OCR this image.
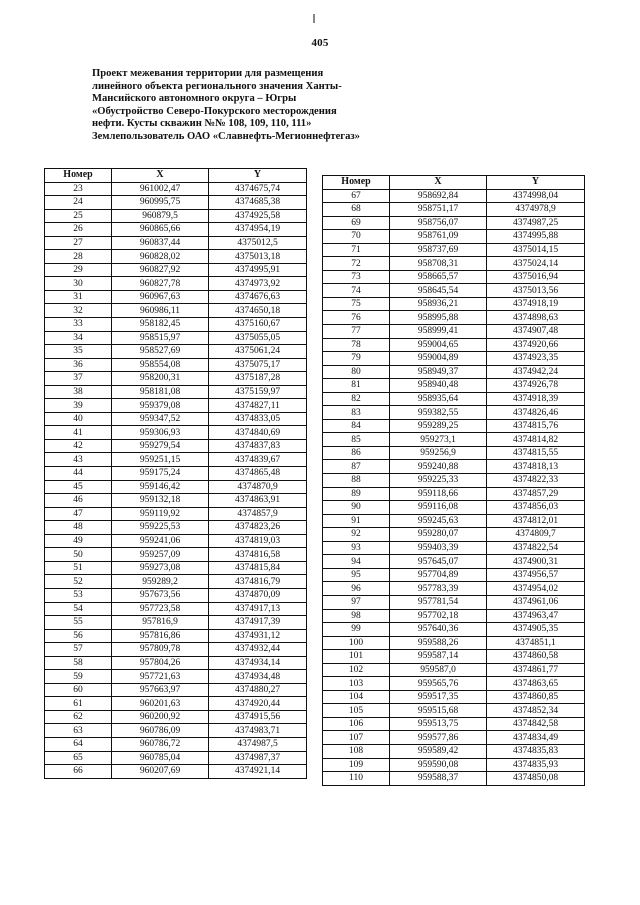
405
Проект межевания территории для размещения
линейного объекта регионального значения Ханты-
Мансийского автономного округа – Югры
«Обустройство Северо-Покурского месторождения
нефти. Кусты скважин №№ 108, 109, 110, 111»
Землепользователь ОАО «Славнефть-Мегионнефтегаз»
Номер	X	Y
23	961002,47	4374675,74
24	960995,75	4374685,38
25	960879,5	4374925,58
26	960865,66	4374954,19
27	960837,44	4375012,5
28	960828,02	4375013,18
29	960827,92	4374995,91
30	960827,78	4374973,92
31	960967,63	4374676,63
32	960986,11	4374650,18
33	958182,45	4375160,67
34	958515,97	4375055,05
35	958527,69	4375061,24
36	958554,08	4375075,17
37	958200,31	4375187,28
38	958181,08	4375159,97
39	959379,08	4374827,11
40	959347,52	4374833,05
41	959306,93	4374840,69
42	959279,54	4374837,83
43	959251,15	4374839,67
44	959175,24	4374865,48
45	959146,42	4374870,9
46	959132,18	4374863,91
47	959119,92	4374857,9
48	959225,53	4374823,26
49	959241,06	4374819,03
50	959257,09	4374816,58
51	959273,08	4374815,84
52	959289,2	4374816,79
53	957673,56	4374870,09
54	957723,58	4374917,13
55	957816,9	4374917,39
56	957816,86	4374931,12
57	957809,78	4374932,44
58	957804,26	4374934,14
59	957721,63	4374934,48
60	957663,97	4374880,27
61	960201,63	4374920,44
62	960200,92	4374915,56
63	960786,09	4374983,71
64	960786,72	4374987,5
65	960785,04	4374987,37
66	960207,69	4374921,14
Номер	X	Y
67	958692,84	4374998,04
68	958751,17	4374978,9
69	958756,07	4374987,25
70	958761,09	4374995,88
71	958737,69	4375014,15
72	958708,31	4375024,14
73	958665,57	4375016,94
74	958645,54	4375013,56
75	958936,21	4374918,19
76	958995,88	4374898,63
77	958999,41	4374907,48
78	959004,65	4374920,66
79	959004,89	4374923,35
80	958949,37	4374942,24
81	958940,48	4374926,78
82	958935,64	4374918,39
83	959382,55	4374826,46
84	959289,25	4374815,76
85	959273,1	4374814,82
86	959256,9	4374815,55
87	959240,88	4374818,13
88	959225,33	4374822,33
89	959118,66	4374857,29
90	959116,08	4374856,03
91	959245,63	4374812,01
92	959280,07	4374809,7
93	959403,39	4374822,54
94	957645,07	4374900,31
95	957704,89	4374956,57
96	957783,39	4374954,02
97	957781,54	4374961,06
98	957702,18	4374963,47
99	957640,36	4374905,35
100	959588,26	4374851,1
101	959587,14	4374860,58
102	959587,0	4374861,77
103	959565,76	4374863,65
104	959517,35	4374860,85
105	959515,68	4374852,34
106	959513,75	4374842,58
107	959577,86	4374834,49
108	959589,42	4374835,83
109	959590,08	4374835,93
110	959588,37	4374850,08
